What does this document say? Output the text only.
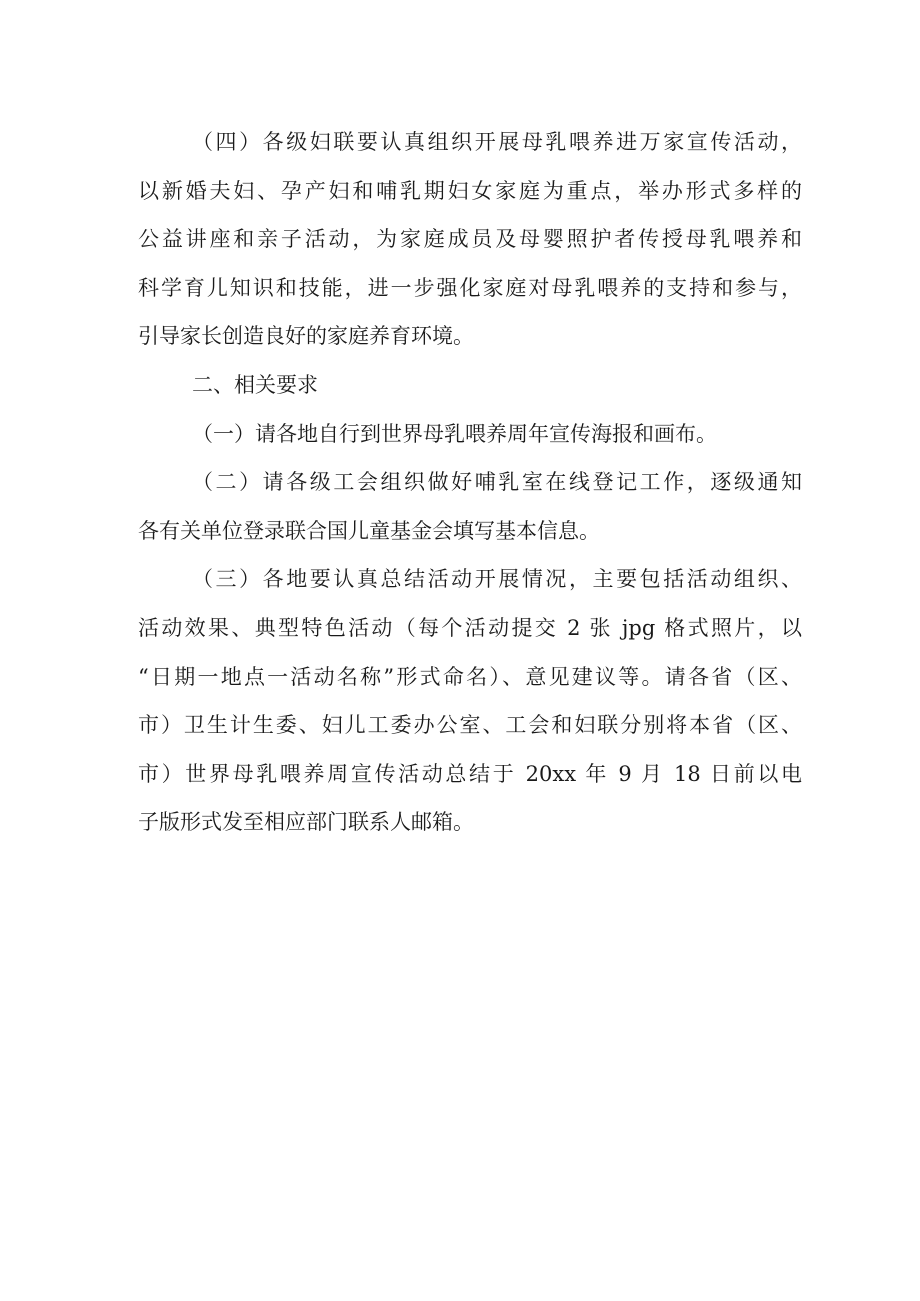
（四）各级妇联要认真组织开展母乳喂养进万家宣传活动，
以新婚夫妇、孕产妇和哺乳期妇女家庭为重点，举办形式多样的
公益讲座和亲子活动，为家庭成员及母婴照护者传授母乳喂养和
科学育儿知识和技能，进一步强化家庭对母乳喂养的支持和参与，
引导家长创造良好的家庭养育环境。
二、相关要求
（一）请各地自行到世界母乳喂养周年宣传海报和画布。
（二）请各级工会组织做好哺乳室在线登记工作，逐级通知
各有关单位登录联合国儿童基金会填写基本信息。
（三）各地要认真总结活动开展情况，主要包括活动组织、
活动效果、典型特色活动（每个活动提交 2 张 jpg 格式照片，以
“日期一地点一活动名称”形式命名）、意见建议等。请各省（区、
市）卫生计生委、妇儿工委办公室、工会和妇联分别将本省（区、
市）世界母乳喂养周宣传活动总结于 20xx 年 9 月 18 日前以电
子版形式发至相应部门联系人邮箱。
